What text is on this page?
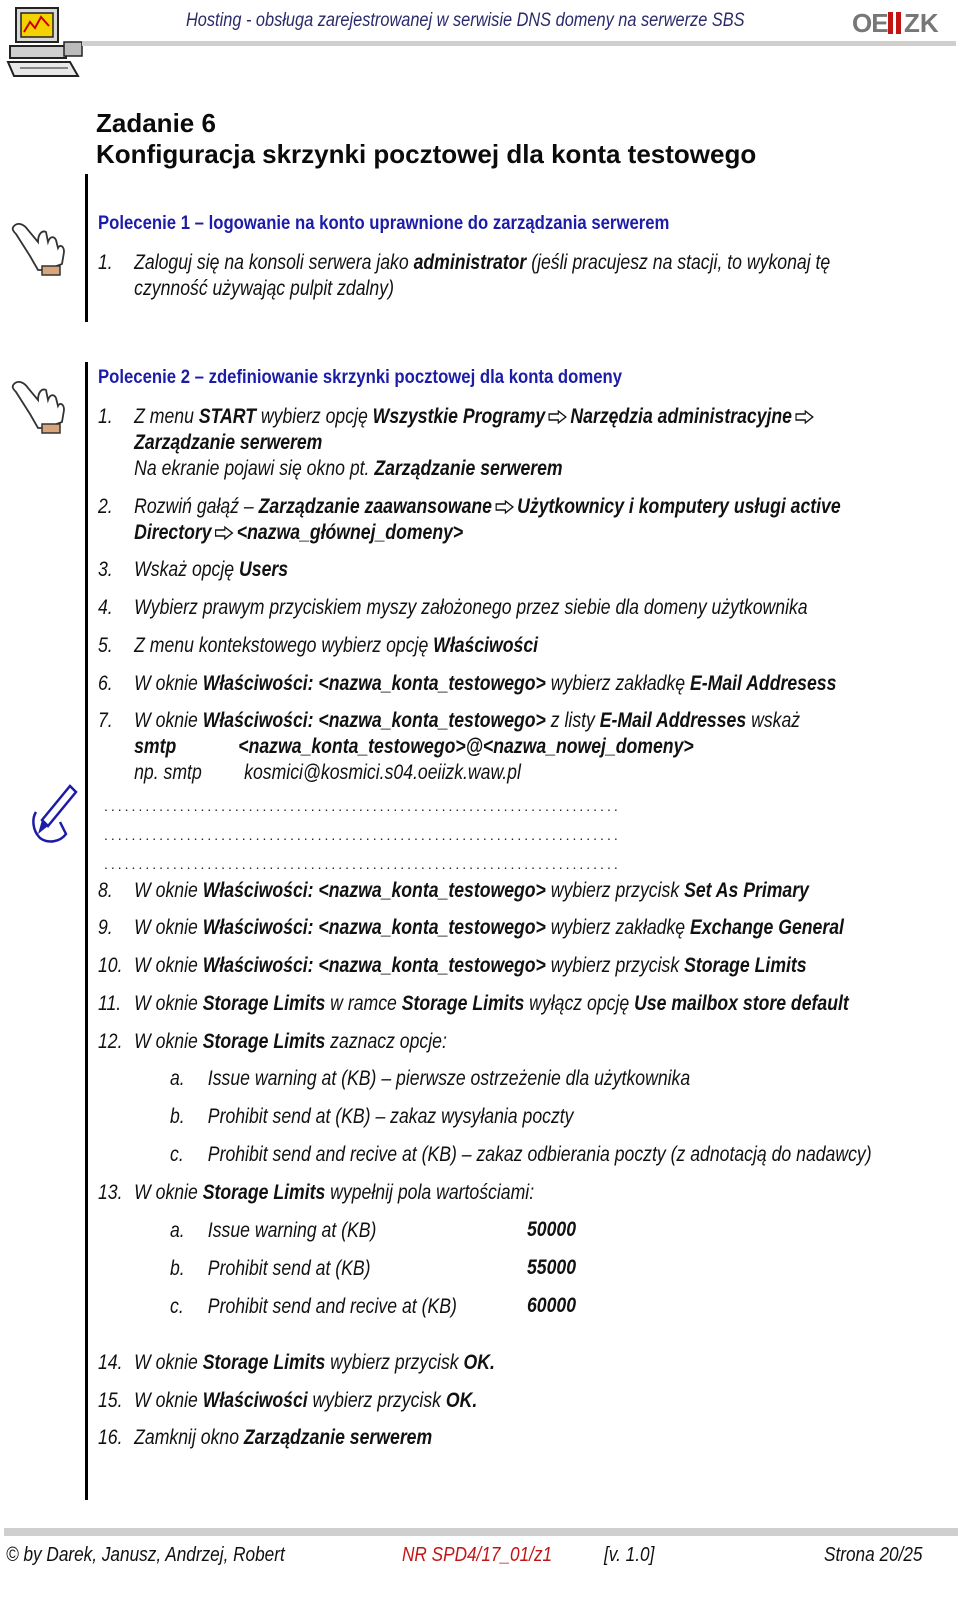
Hosting - obsługa zarejestrowanej w serwisie DNS domeny na serwerze SBS	OE ZK
Zadanie 6
Konfiguracja skrzynki pocztowej dla konta testowego
Polecenie 1 – logowanie na konto uprawnione do zarządzania serwerem
1. Zaloguj się na konsoli serwera jako administrator (jeśli pracujesz na stacji, to wykonaj tę
czynność używając pulpit zdalny)
Polecenie 2 – zdefiniowanie skrzynki pocztowej dla konta domeny
1. Z menu START wybierz opcję Wszystkie Programy Narzędzia administracyjne
Zarządzanie serwerem
Na ekranie pojawi się okno pt. Zarządzanie serwerem
2. Rozwiń gałąź – Zarządzanie zaawansowane Użytkownicy i komputery usługi active
Directory <nazwa_głównej_domeny>
3. Wskaż opcję Users
4. Wybierz prawym przyciskiem myszy założonego przez siebie dla domeny użytkownika
5. Z menu kontekstowego wybierz opcję Właściwości
6. W oknie Właściwości: <nazwa_konta_testowego> wybierz zakładkę E-Mail Addresess
7. W oknie Właściwości: <nazwa_konta_testowego> z listy E-Mail Addresses wskaż
smtp	<nazwa_konta_testowego>@<nazwa_nowej_domeny>
np. smtp kosmici@kosmici.s04.oeiizk.waw.pl
...........................................................................
...........................................................................
...........................................................................
8. W oknie Właściwości: <nazwa_konta_testowego> wybierz przycisk Set As Primary
9. W oknie Właściwości: <nazwa_konta_testowego> wybierz zakładkę Exchange General
10. W oknie Właściwości: <nazwa_konta_testowego> wybierz przycisk Storage Limits
11. W oknie Storage Limits w ramce Storage Limits wyłącz opcję Use mailbox store default
12. W oknie Storage Limits zaznacz opcje:
a. Issue warning at (KB) – pierwsze ostrzeżenie dla użytkownika
b. Prohibit send at (KB) – zakaz wysyłania poczty
c. Prohibit send and recive at (KB) – zakaz odbierania poczty (z adnotacją do nadawcy)
13. W oknie Storage Limits wypełnij pola wartościami:
a. Issue warning at (KB)	50000
b. Prohibit send at (KB)	55000
c. Prohibit send and recive at (KB)	60000
14. W oknie Storage Limits wybierz przycisk OK.
15. W oknie Właściwości wybierz przycisk OK.
16. Zamknij okno Zarządzanie serwerem
© by Darek, Janusz, Andrzej, Robert	NR SPD4/17_01/z1	[v. 1.0]	Strona 20/25
